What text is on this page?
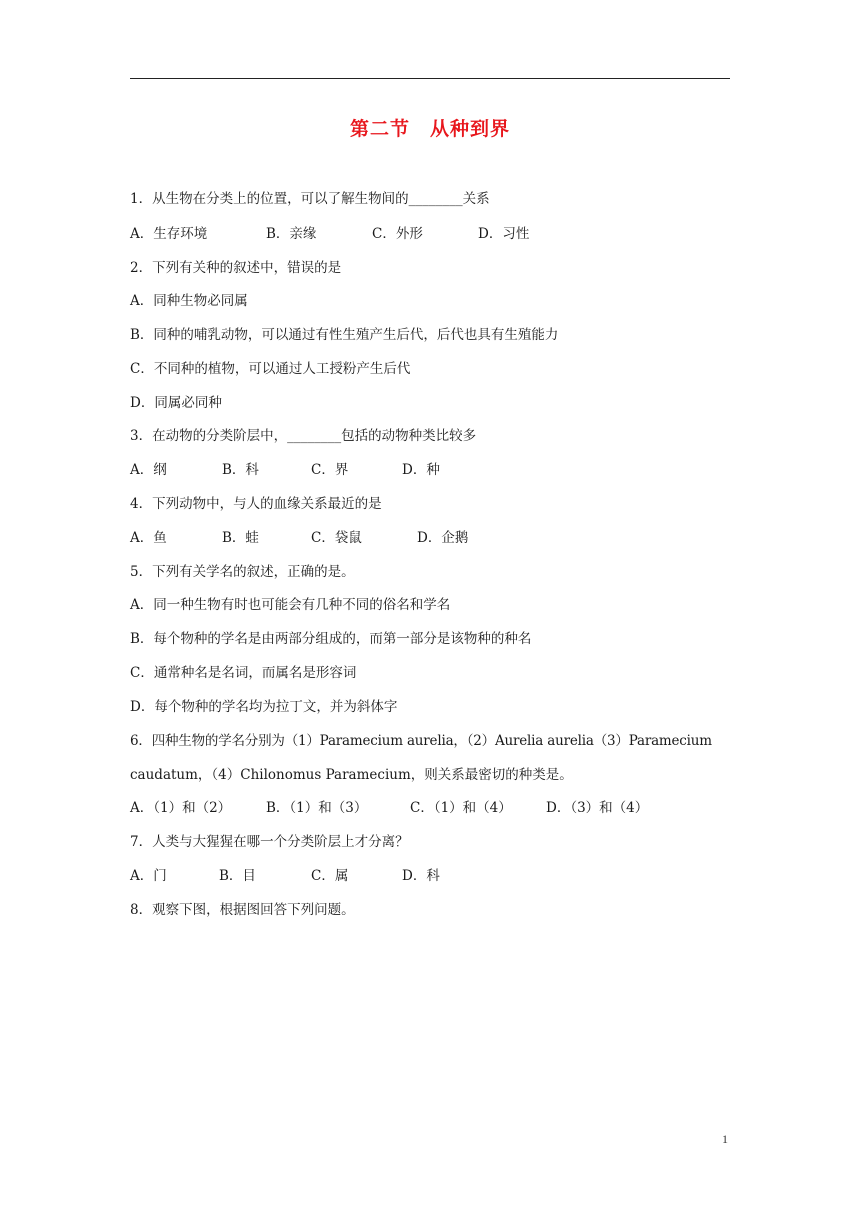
第二节　从种到界
1．从生物在分类上的位置，可以了解生物间的________关系
A．生存环境	B．亲缘	C．外形	D．习性
2．下列有关种的叙述中，错误的是
A．同种生物必同属
B．同种的哺乳动物，可以通过有性生殖产生后代，后代也具有生殖能力
C．不同种的植物，可以通过人工授粉产生后代
D．同属必同种
3．在动物的分类阶层中，________包括的动物种类比较多
A．纲	B．科	C．界	D．种
4．下列动物中，与人的血缘关系最近的是
A．鱼	B．蛙	C．袋鼠	D．企鹅
5．下列有关学名的叙述，正确的是。
A．同一种生物有时也可能会有几种不同的俗名和学名
B．每个物种的学名是由两部分组成的，而第一部分是该物种的种名
C．通常种名是名词，而属名是形容词
D．每个物种的学名均为拉丁文，并为斜体字
6．四种生物的学名分别为（1）Paramecium aurelia，（2）Aurelia aurelia（3）Paramecium
caudatum，（4）Chilonomus Paramecium，则关系最密切的种类是。
A．（1）和（2）	B．（1）和（3）	C．（1）和（4）	D．（3）和（4）
7．人类与大猩猩在哪一个分类阶层上才分离？
A．门	B．目	C．属	D．科
8．观察下图，根据图回答下列问题。
1
